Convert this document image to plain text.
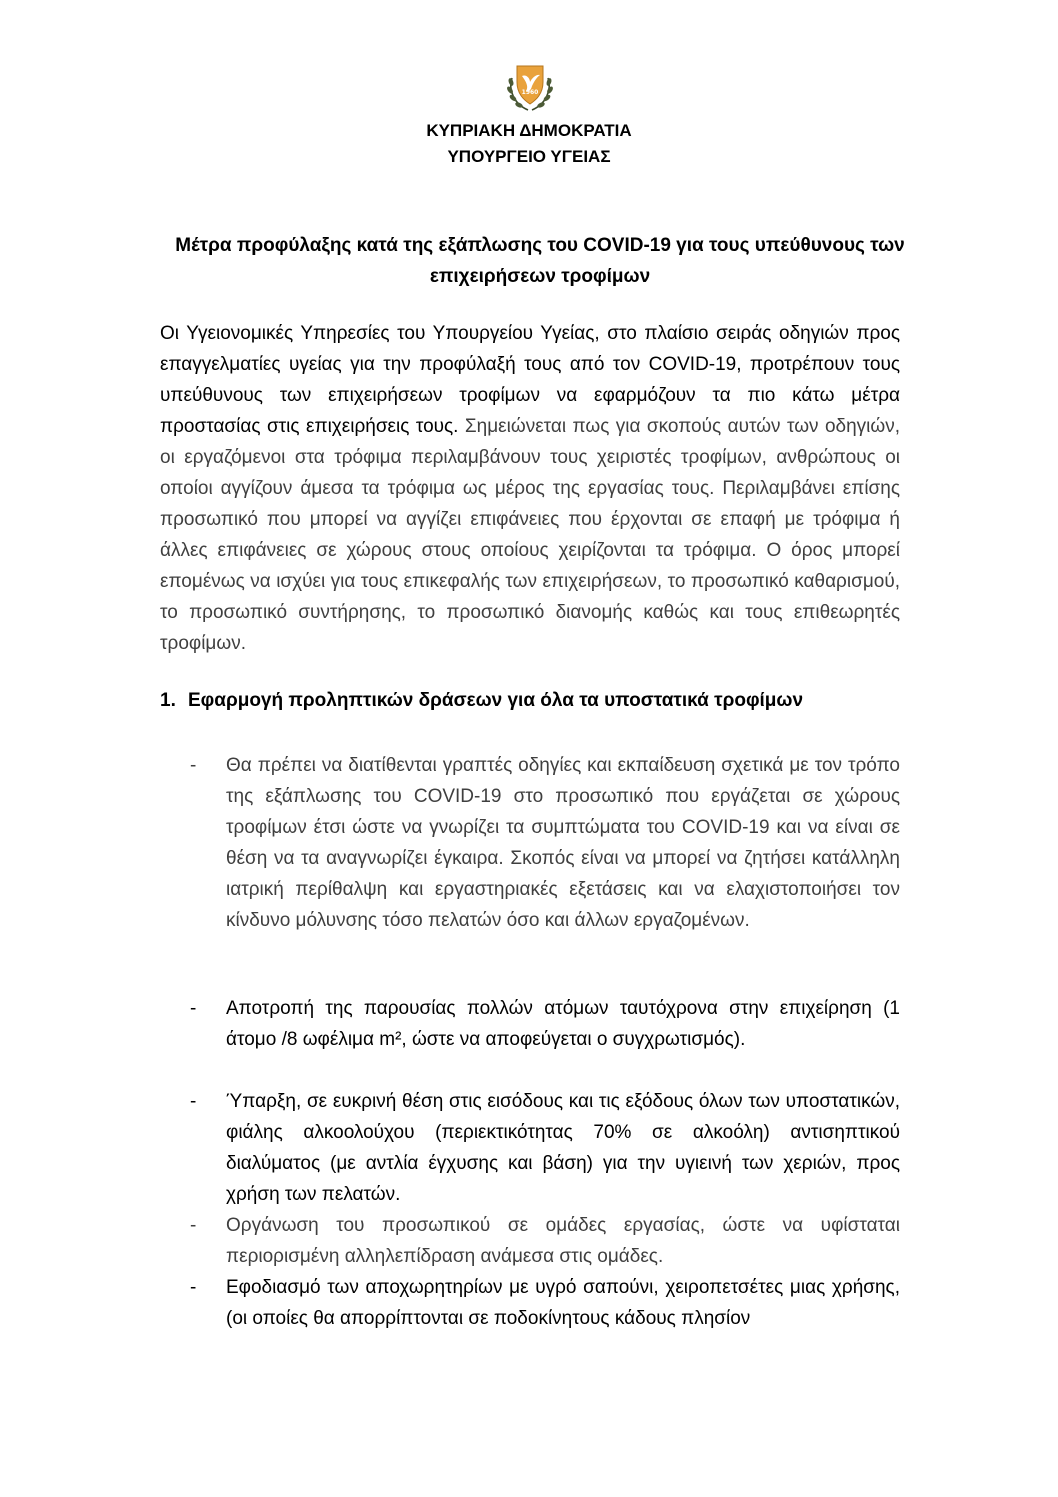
1960
ΚΥΠΡΙΑΚΗ ΔΗΜΟΚΡΑΤΙΑ
ΥΠΟΥΡΓΕΙΟ ΥΓΕΙΑΣ
Μέτρα προφύλαξης κατά της εξάπλωσης του COVID-19 για τους υπεύθυνους των επιχειρήσεων τροφίμων
Οι Υγειονομικές Υπηρεσίες του Υπουργείου Υγείας, στο πλαίσιο σειράς οδηγιών προς επαγγελματίες υγείας για την προφύλαξή τους από τον COVID-19, προτρέπουν τους υπεύθυνους των επιχειρήσεων τροφίμων να εφαρμόζουν τα πιο κάτω μέτρα προστασίας στις επιχειρήσεις τους. Σημειώνεται πως για σκοπούς αυτών των οδηγιών, οι εργαζόμενοι στα τρόφιμα περιλαμβάνουν τους χειριστές τροφίμων, ανθρώπους οι οποίοι αγγίζουν άμεσα τα τρόφιμα ως μέρος της εργασίας τους. Περιλαμβάνει επίσης προσωπικό που μπορεί να αγγίζει επιφάνειες που έρχονται σε επαφή με τρόφιμα ή άλλες επιφάνειες σε χώρους στους οποίους χειρίζονται τα τρόφιμα. Ο όρος μπορεί επομένως να ισχύει για τους επικεφαλής των επιχειρήσεων, το προσωπικό καθαρισμού, το προσωπικό συντήρησης, το προσωπικό διανομής καθώς και τους επιθεωρητές τροφίμων.
1. Εφαρμογή προληπτικών δράσεων για όλα τα υποστατικά τροφίμων
- Θα πρέπει να διατίθενται γραπτές οδηγίες και εκπαίδευση σχετικά με τον τρόπο της εξάπλωσης του COVID-19 στο προσωπικό που εργάζεται σε χώρους τροφίμων έτσι ώστε να γνωρίζει τα συμπτώματα του COVID-19 και να είναι σε θέση να τα αναγνωρίζει έγκαιρα. Σκοπός είναι να μπορεί να ζητήσει κατάλληλη ιατρική περίθαλψη και εργαστηριακές εξετάσεις και να ελαχιστοποιήσει τον κίνδυνο μόλυνσης τόσο πελατών όσο και άλλων εργαζομένων.
- Αποτροπή της παρουσίας πολλών ατόμων ταυτόχρονα στην επιχείρηση (1 άτομο /8 ωφέλιμα m², ώστε να αποφεύγεται ο συγχρωτισμός).
- Ύπαρξη, σε ευκρινή θέση στις εισόδους και τις εξόδους όλων των υποστατικών, φιάλης αλκοολούχου (περιεκτικότητας 70% σε αλκοόλη) αντισηπτικού διαλύματος (με αντλία έγχυσης και βάση) για την υγιεινή των χεριών, προς χρήση των πελατών.
- Οργάνωση του προσωπικού σε ομάδες εργασίας, ώστε να υφίσταται περιορισμένη αλληλεπίδραση ανάμεσα στις ομάδες.
- Εφοδιασμό των αποχωρητηρίων με υγρό σαπούνι, χειροπετσέτες μιας χρήσης, (οι οποίες θα απορρίπτονται σε ποδοκίνητους κάδους πλησίον
